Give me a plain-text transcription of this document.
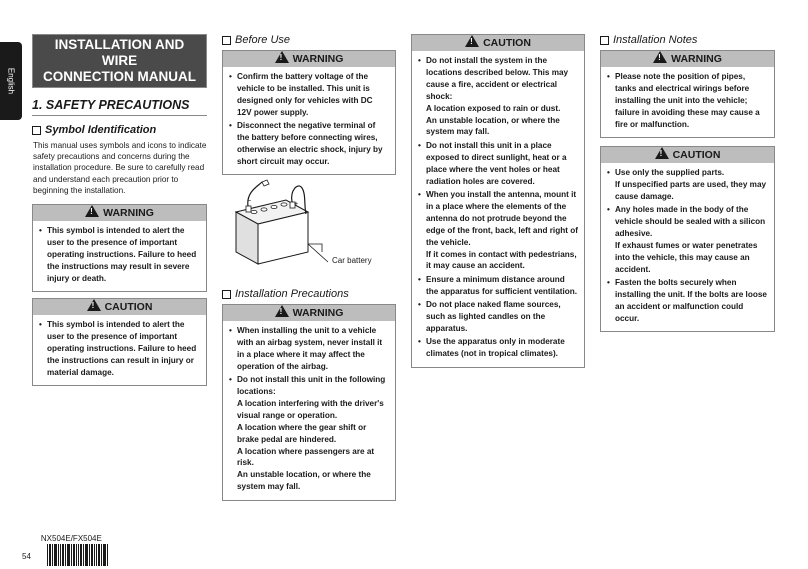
English
INSTALLATION AND WIRE
CONNECTION MANUAL
1. SAFETY PRECAUTIONS
Symbol Identification
This manual uses symbols and icons to indicate safety precautions and concerns during the installation procedure. Be sure to carefully read and understand each precaution prior to beginning the installation.
!WARNING
• This symbol is intended to alert the user to the presence of important operating instructions. Failure to heed the instructions may result in severe injury or death.
!CAUTION
• This symbol is intended to alert the user to the presence of important operating instructions. Failure to heed the instructions can result in injury or material damage.
Before Use
!WARNING
• Confirm the battery voltage of the vehicle to be installed. This unit is designed only for vehicles with DC 12V power supply.
• Disconnect the negative terminal of the battery before connecting wires, otherwise an electric shock, injury by short circuit may occur.
−	+
Car battery
Installation Precautions
!WARNING
• When installing the unit to a vehicle with an airbag system, never install it in a place where it may affect the operation of the airbag.
• Do not install this unit in the following locations:
A location interfering with the driver's visual range or operation.
A location where the gear shift or brake pedal are hindered.
A location where passengers are at risk.
An unstable location, or where the system may fall.
!CAUTION
• Do not install the system in the locations described below. This may cause a fire, accident or electrical shock:
A location exposed to rain or dust.
An unstable location, or where the system may fall.
• Do not install this unit in a place exposed to direct sunlight, heat or a place where the vent holes or heat radiation holes are covered.
• When you install the antenna, mount it in a place where the elements of the antenna do not protrude beyond the edge of the front, back, left and right of the vehicle.
If it comes in contact with pedestrians, it may cause an accident.
• Ensure a minimum distance around the apparatus for sufficient ventilation.
• Do not place naked flame sources, such as lighted candles on the apparatus.
• Use the apparatus only in moderate climates (not in tropical climates).
Installation Notes
!WARNING
• Please note the position of pipes, tanks and electrical wirings before installing the unit into the vehicle; failure in avoiding these may cause a fire or malfunction.
!CAUTION
• Use only the supplied parts.
If unspecified parts are used, they may cause damage.
• Any holes made in the body of the vehicle should be sealed with a silicon adhesive.
If exhaust fumes or water penetrates into the vehicle, this may cause an accident.
• Fasten the bolts securely when installing the unit. If the bolts are loose an accident or malfunction could occur.
54
NX504E/FX504E
